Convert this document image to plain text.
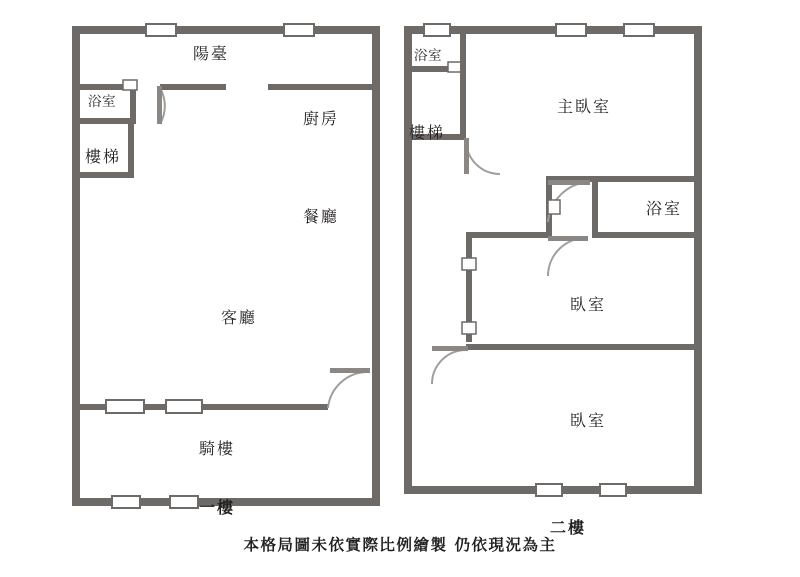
陽臺
浴室
樓梯
廚房
餐廳
客廳
騎樓
一樓
浴室
樓梯
主臥室
浴室
臥室
臥室
二樓
本格局圖未依實際比例繪製 仍依現況為主
